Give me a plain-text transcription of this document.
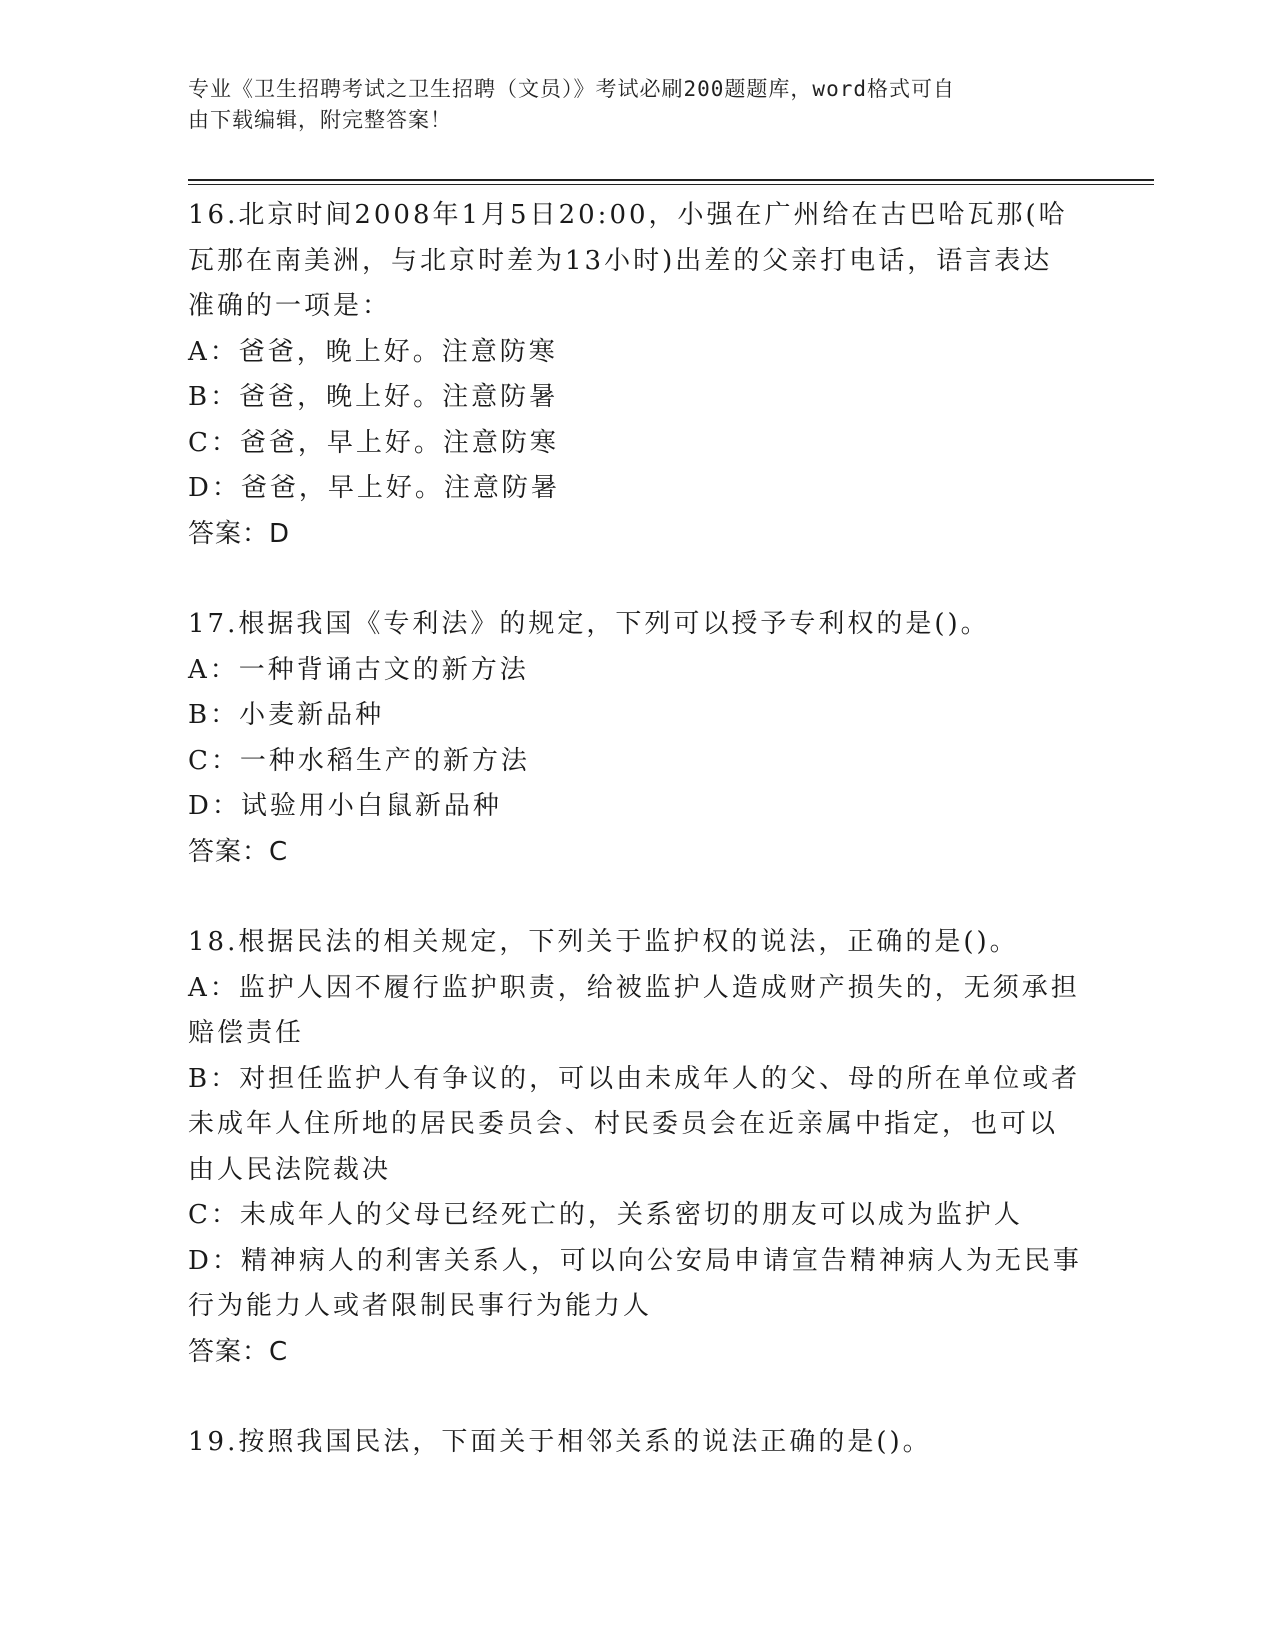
专业《卫生招聘考试之卫生招聘（文员）》考试必刷200题题库，word格式可自
由下载编辑，附完整答案！
16.北京时间2008年1月5日20:00，小强在广州给在古巴哈瓦那(哈
瓦那在南美洲，与北京时差为13小时)出差的父亲打电话，语言表达
准确的一项是：
A：爸爸，晚上好。注意防寒
B：爸爸，晚上好。注意防暑
C：爸爸，早上好。注意防寒
D：爸爸，早上好。注意防暑
答案：D
17.根据我国《专利法》的规定，下列可以授予专利权的是()。
A：一种背诵古文的新方法
B：小麦新品种
C：一种水稻生产的新方法
D：试验用小白鼠新品种
答案：C
18.根据民法的相关规定，下列关于监护权的说法，正确的是()。
A：监护人因不履行监护职责，给被监护人造成财产损失的，无须承担
赔偿责任
B：对担任监护人有争议的，可以由未成年人的父、母的所在单位或者
未成年人住所地的居民委员会、村民委员会在近亲属中指定，也可以
由人民法院裁决
C：未成年人的父母已经死亡的，关系密切的朋友可以成为监护人
D：精神病人的利害关系人，可以向公安局申请宣告精神病人为无民事
行为能力人或者限制民事行为能力人
答案：C
19.按照我国民法，下面关于相邻关系的说法正确的是()。
